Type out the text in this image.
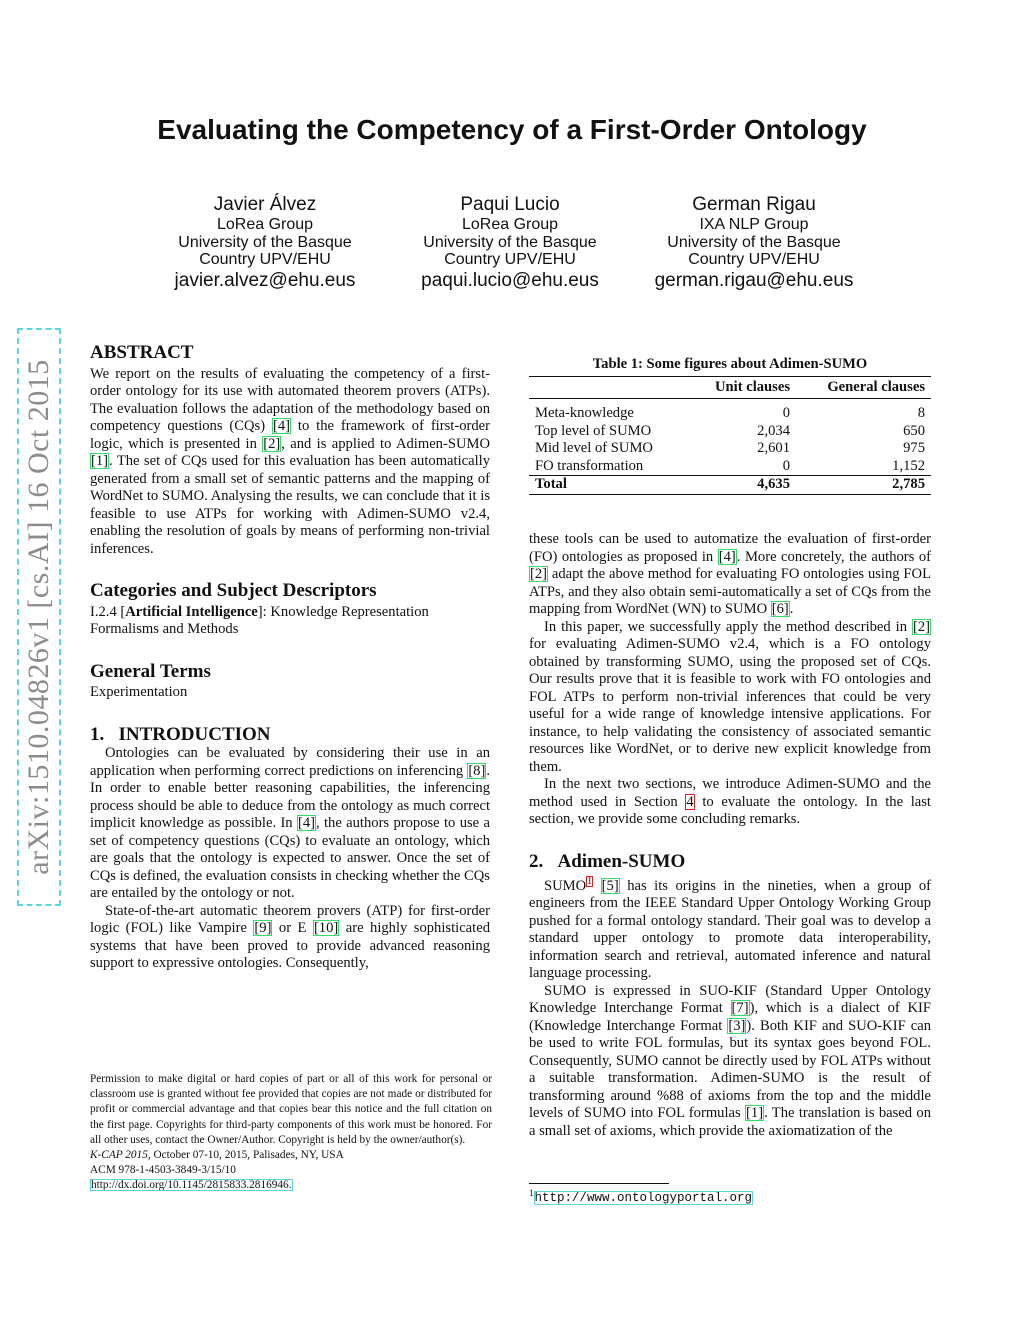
arXiv:1510.04826v1 [cs.AI] 16 Oct 2015
Evaluating the Competency of a First-Order Ontology
Javier Álvez
LoRea Group
University of the Basque
Country UPV/EHU
javier.alvez@ehu.eus
Paqui Lucio
LoRea Group
University of the Basque
Country UPV/EHU
paqui.lucio@ehu.eus
German Rigau
IXA NLP Group
University of the Basque
Country UPV/EHU
german.rigau@ehu.eus
ABSTRACT

We report on the results of evaluating the competency of a first-order ontology for its use with automated theorem provers (ATPs). The evaluation follows the adaptation of the methodology based on competency questions (CQs) [4] to the framework of first-order logic, which is presented in [2], and is applied to Adimen-SUMO [1]. The set of CQs used for this evaluation has been automatically generated from a small set of semantic patterns and the mapping of WordNet to SUMO. Analysing the results, we can conclude that it is feasible to use ATPs for working with Adimen-SUMO v2.4, enabling the resolution of goals by means of performing non-trivial inferences.

Categories and Subject Descriptors

I.2.4 [Artificial Intelligence]: Knowledge Representation Formalisms and Methods

General Terms

Experimentation

1.   INTRODUCTION

Ontologies can be evaluated by considering their use in an application when performing correct predictions on inferencing [8]. In order to enable better reasoning capabilities, the inferencing process should be able to deduce from the ontology as much correct implicit knowledge as possible. In [4], the authors propose to use a set of competency questions (CQs) to evaluate an ontology, which are goals that the ontology is expected to answer. Once the set of CQs is defined, the evaluation consists in checking whether the CQs are entailed by the ontology or not.

State-of-the-art automatic theorem provers (ATP) for first-order logic (FOL) like Vampire [9] or E [10] are highly sophisticated systems that have been proved to provide advanced reasoning support to expressive ontologies. Consequently,

Permission to make digital or hard copies of part or all of this work for personal or classroom use is granted without fee provided that copies are not made or distributed for profit or commercial advantage and that copies bear this notice and the full citation on the first page. Copyrights for third-party components of this work must be honored. For all other uses, contact the Owner/Author. Copyright is held by the owner/author(s).

K-CAP 2015, October 07-10, 2015, Palisades, NY, USA

ACM 978-1-4503-3849-3/15/10

http://dx.doi.org/10.1145/2815833.2816946.

Table 1: Some figures about Adimen-SUMO
	Unit clauses	General clauses

Meta-knowledge	0	8
Top level of SUMO	2,034	650
Mid level of SUMO	2,601	975
FO transformation	0	1,152
Total	4,635	2,785

these tools can be used to automatize the evaluation of first-order (FO) ontologies as proposed in [4]. More concretely, the authors of [2] adapt the above method for evaluating FO ontologies using FOL ATPs, and they also obtain semi-automatically a set of CQs from the mapping from WordNet (WN) to SUMO [6].

In this paper, we successfully apply the method described in [2] for evaluating Adimen-SUMO v2.4, which is a FO ontology obtained by transforming SUMO, using the proposed set of CQs. Our results prove that it is feasible to work with FO ontologies and FOL ATPs to perform non-trivial inferences that could be very useful for a wide range of knowledge intensive applications. For instance, to help validating the consistency of associated semantic resources like WordNet, or to derive new explicit knowledge from them.

In the next two sections, we introduce Adimen-SUMO and the method used in Section 4 to evaluate the ontology. In the last section, we provide some concluding remarks.

2.   Adimen-SUMO

SUMO$^1$ [5] has its origins in the nineties, when a group of engineers from the IEEE Standard Upper Ontology Working Group pushed for a formal ontology standard. Their goal was to develop a standard upper ontology to promote data interoperability, information search and retrieval, automated inference and natural language processing.

SUMO is expressed in SUO-KIF (Standard Upper Ontology Knowledge Interchange Format [7]), which is a dialect of KIF (Knowledge Interchange Format [3]). Both KIF and SUO-KIF can be used to write FOL formulas, but its syntax goes beyond FOL. Consequently, SUMO cannot be directly used by FOL ATPs without a suitable transformation. Adimen-SUMO is the result of transforming around %88 of axioms from the top and the middle levels of SUMO into FOL formulas [1]. The translation is based on a small set of axioms, which provide the axiomatization of the

$^1$http://www.ontologyportal.org
